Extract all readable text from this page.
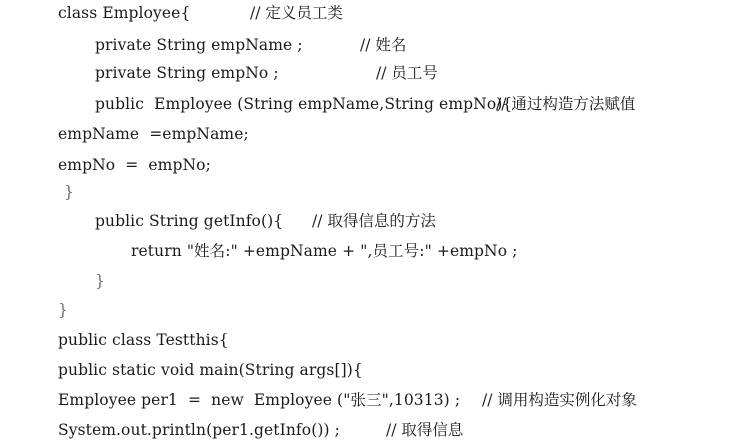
class Employee{	// 定义员工类
private String empName ;	// 姓名
private String empNo ;	// 员工号
public  Employee (String empName,String empNo){
// 通过构造方法赋值
empName  =empName;
empNo  =  empNo;
}
public String getInfo(){ // 取得信息的方法
return "姓名:" +empName + ",员工号:" +empNo ;
}
}
public class Testthis{
public static void main(String args[]){
Employee per1  =  new  Employee ("张三",10313) ; // 调用构造实例化对象
System.out.println(per1.getInfo()) ;	// 取得信息
